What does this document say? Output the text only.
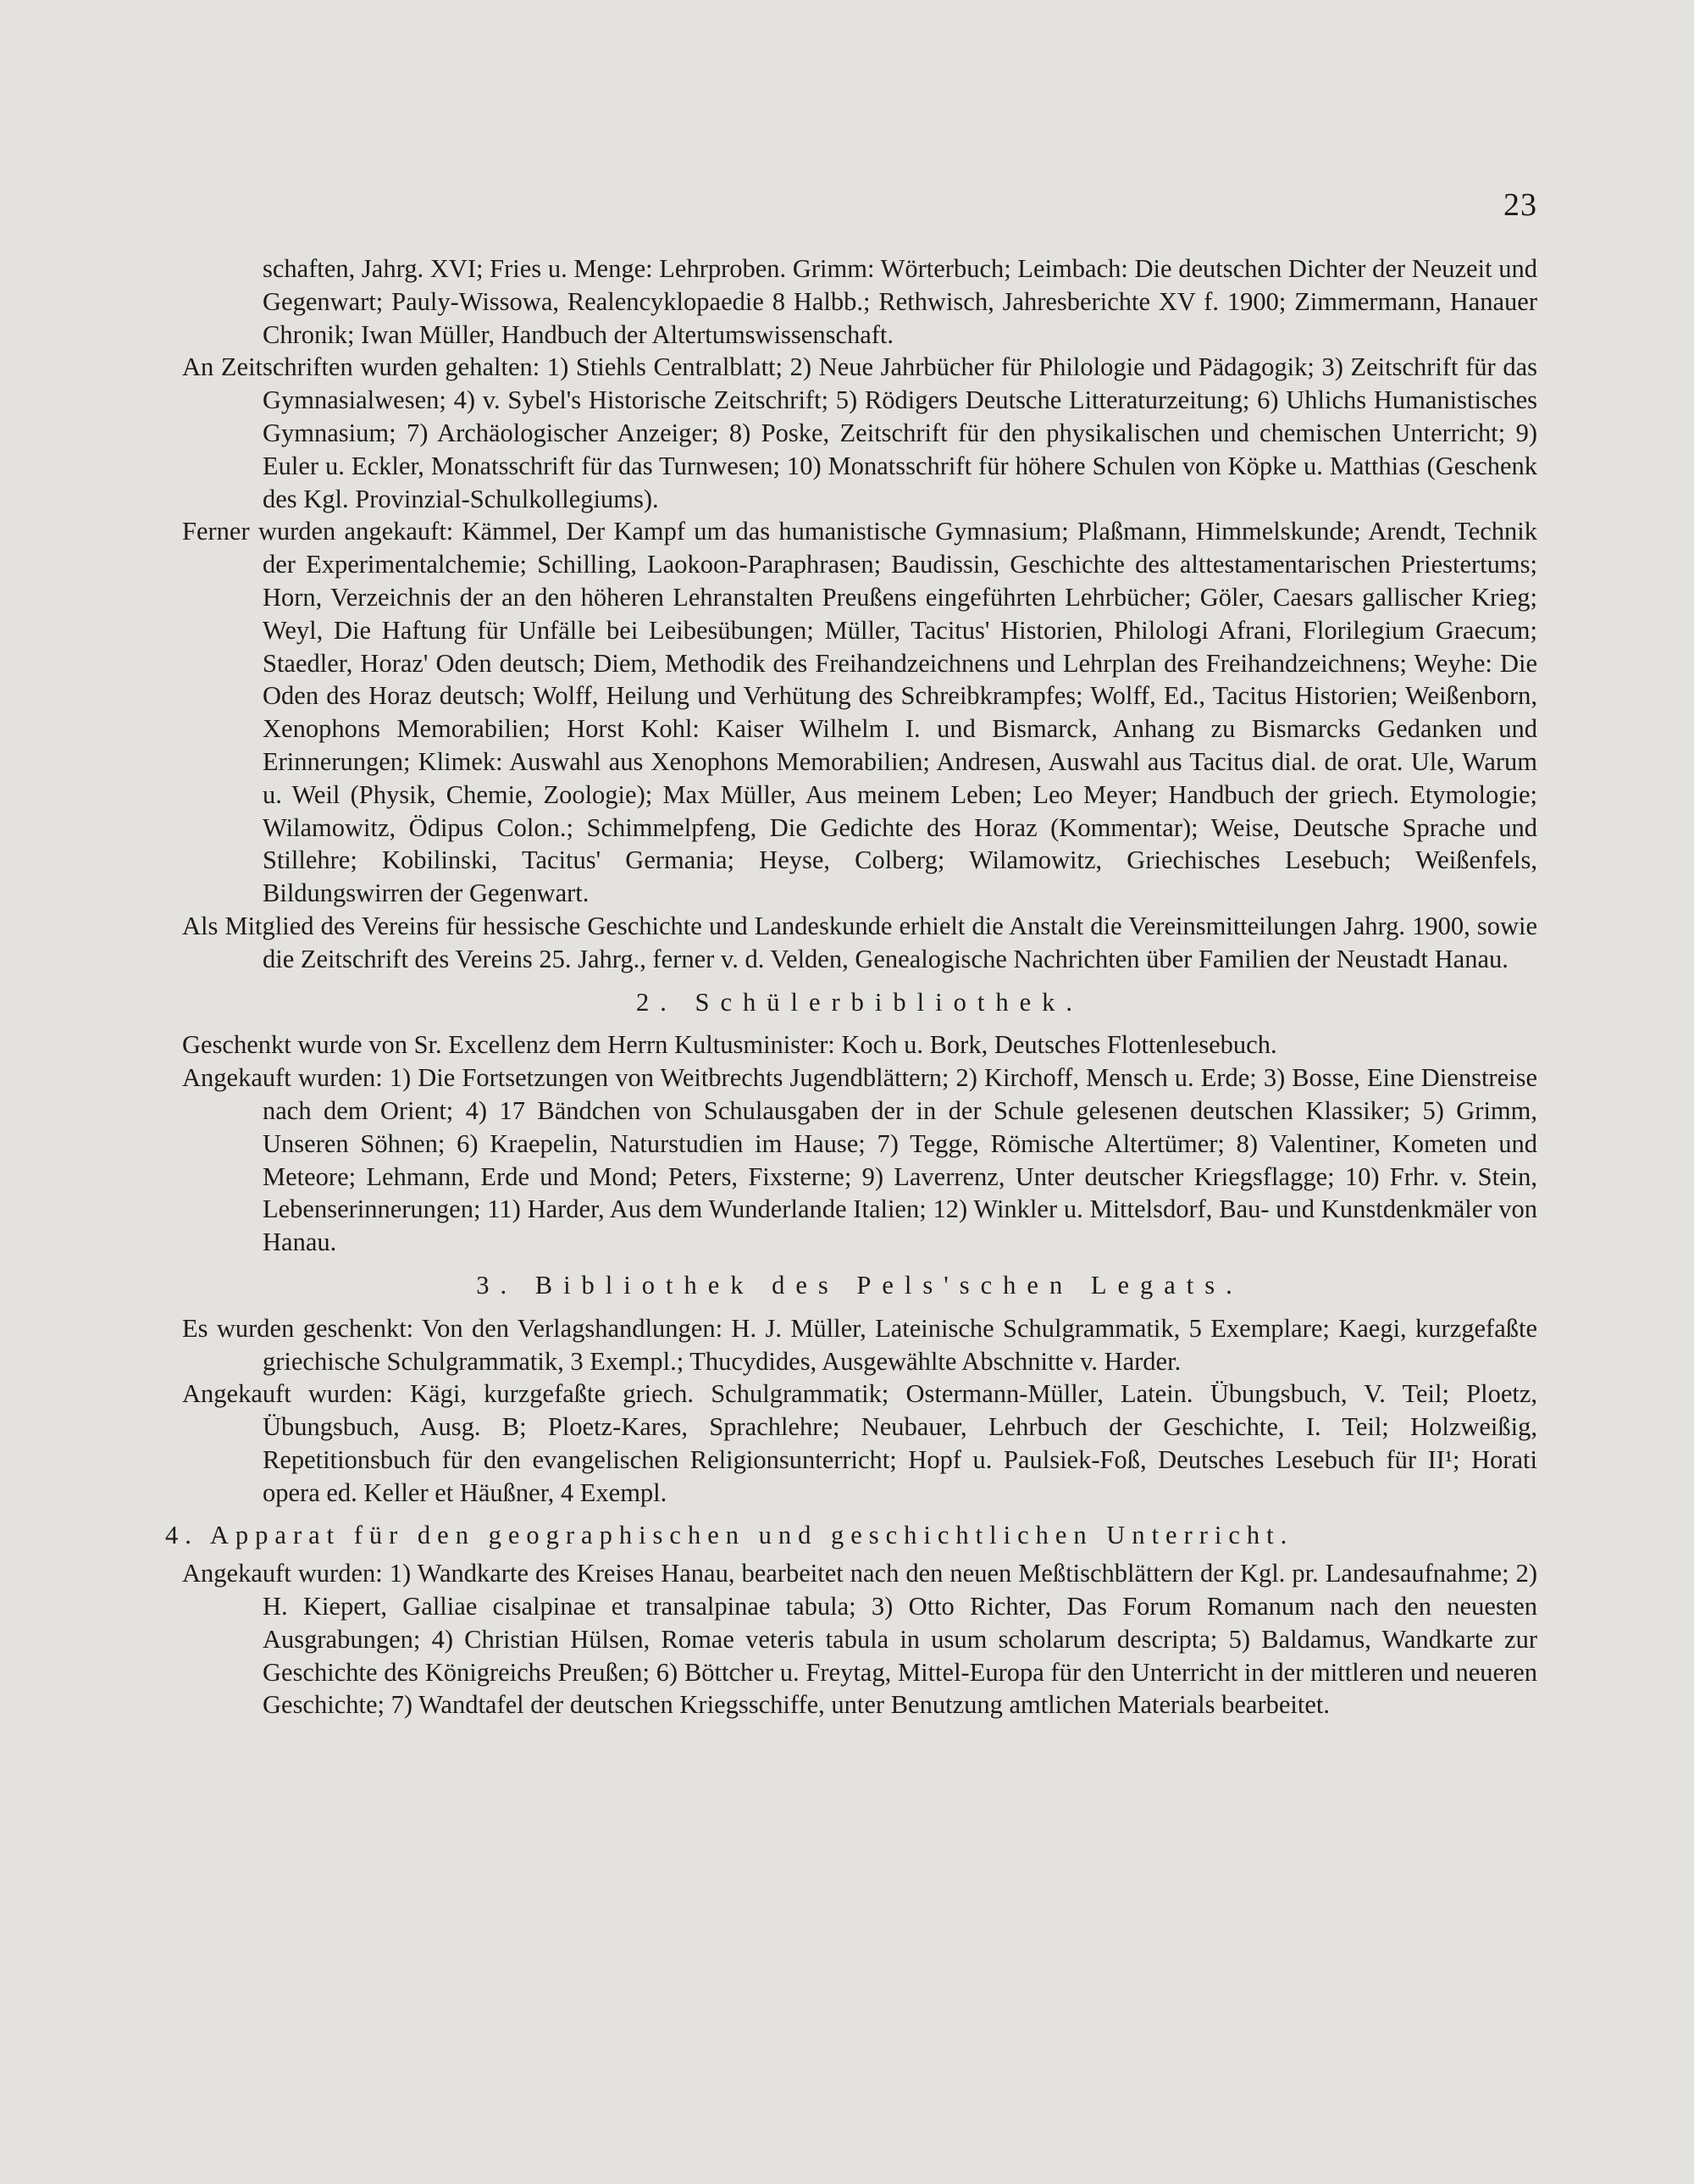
23

schaften, Jahrg. XVI; Fries u. Menge: Lehrproben. Grimm: Wörterbuch; Leimbach: Die deutschen Dichter der Neuzeit und Gegenwart; Pauly-Wissowa, Realencyklopaedie 8 Halbb.; Rethwisch, Jahresberichte XV f. 1900; Zimmermann, Hanauer Chronik; Iwan Müller, Handbuch der Altertumswissenschaft.

An Zeitschriften wurden gehalten: 1) Stiehls Centralblatt; 2) Neue Jahrbücher für Philologie und Pädagogik; 3) Zeitschrift für das Gymnasialwesen; 4) v. Sybel's Historische Zeitschrift; 5) Rödigers Deutsche Litteraturzeitung; 6) Uhlichs Humanistisches Gymnasium; 7) Archäologischer Anzeiger; 8) Poske, Zeitschrift für den physikalischen und chemischen Unterricht; 9) Euler u. Eckler, Monatsschrift für das Turnwesen; 10) Monatsschrift für höhere Schulen von Köpke u. Matthias (Geschenk des Kgl. Provinzial-Schulkollegiums).

Ferner wurden angekauft: Kämmel, Der Kampf um das humanistische Gymnasium; Plaßmann, Himmelskunde; Arendt, Technik der Experimentalchemie; Schilling, Laokoon-Paraphrasen; Baudissin, Geschichte des alttestamentarischen Priestertums; Horn, Verzeichnis der an den höheren Lehranstalten Preußens eingeführten Lehrbücher; Göler, Caesars gallischer Krieg; Weyl, Die Haftung für Unfälle bei Leibesübungen; Müller, Tacitus' Historien, Philologi Afrani, Florilegium Graecum; Staedler, Horaz' Oden deutsch; Diem, Methodik des Freihandzeichnens und Lehrplan des Freihandzeichnens; Weyhe: Die Oden des Horaz deutsch; Wolff, Heilung und Verhütung des Schreibkrampfes; Wolff, Ed., Tacitus Historien; Weißenborn, Xenophons Memorabilien; Horst Kohl: Kaiser Wilhelm I. und Bismarck, Anhang zu Bismarcks Gedanken und Erinnerungen; Klimek: Auswahl aus Xenophons Memorabilien; Andresen, Auswahl aus Tacitus dial. de orat. Ule, Warum u. Weil (Physik, Chemie, Zoologie); Max Müller, Aus meinem Leben; Leo Meyer; Handbuch der griech. Etymologie; Wilamowitz, Ödipus Colon.; Schimmelpfeng, Die Gedichte des Horaz (Kommentar); Weise, Deutsche Sprache und Stillehre; Kobilinski, Tacitus' Germania; Heyse, Colberg; Wilamowitz, Griechisches Lesebuch; Weißenfels, Bildungswirren der Gegenwart.

Als Mitglied des Vereins für hessische Geschichte und Landeskunde erhielt die Anstalt die Vereinsmitteilungen Jahrg. 1900, sowie die Zeitschrift des Vereins 25. Jahrg., ferner v. d. Velden, Genealogische Nachrichten über Familien der Neustadt Hanau.

2. Schülerbibliothek.

Geschenkt wurde von Sr. Excellenz dem Herrn Kultusminister: Koch u. Bork, Deutsches Flottenlesebuch.

Angekauft wurden: 1) Die Fortsetzungen von Weitbrechts Jugendblättern; 2) Kirchoff, Mensch u. Erde; 3) Bosse, Eine Dienstreise nach dem Orient; 4) 17 Bändchen von Schulausgaben der in der Schule gelesenen deutschen Klassiker; 5) Grimm, Unseren Söhnen; 6) Kraepelin, Naturstudien im Hause; 7) Tegge, Römische Altertümer; 8) Valentiner, Kometen und Meteore; Lehmann, Erde und Mond; Peters, Fixsterne; 9) Laverrenz, Unter deutscher Kriegsflagge; 10) Frhr. v. Stein, Lebenserinnerungen; 11) Harder, Aus dem Wunderlande Italien; 12) Winkler u. Mittelsdorf, Bau- und Kunstdenkmäler von Hanau.

3. Bibliothek des Pels'schen Legats.

Es wurden geschenkt: Von den Verlagshandlungen: H. J. Müller, Lateinische Schulgrammatik, 5 Exemplare; Kaegi, kurzgefaßte griechische Schulgrammatik, 3 Exempl.; Thucydides, Ausgewählte Abschnitte v. Harder.

Angekauft wurden: Kägi, kurzgefaßte griech. Schulgrammatik; Ostermann-Müller, Latein. Übungsbuch, V. Teil; Ploetz, Übungsbuch, Ausg. B; Ploetz-Kares, Sprachlehre; Neubauer, Lehrbuch der Geschichte, I. Teil; Holzweißig, Repetitionsbuch für den evangelischen Religionsunterricht; Hopf u. Paulsiek-Foß, Deutsches Lesebuch für II¹; Horati opera ed. Keller et Häußner, 4 Exempl.

4. Apparat für den geographischen und geschichtlichen Unterricht.

Angekauft wurden: 1) Wandkarte des Kreises Hanau, bearbeitet nach den neuen Meßtischblättern der Kgl. pr. Landesaufnahme; 2) H. Kiepert, Galliae cisalpinae et transalpinae tabula; 3) Otto Richter, Das Forum Romanum nach den neuesten Ausgrabungen; 4) Christian Hülsen, Romae veteris tabula in usum scholarum descripta; 5) Baldamus, Wandkarte zur Geschichte des Königreichs Preußen; 6) Böttcher u. Freytag, Mittel-Europa für den Unterricht in der mittleren und neueren Geschichte; 7) Wandtafel der deutschen Kriegsschiffe, unter Benutzung amtlichen Materials bearbeitet.
